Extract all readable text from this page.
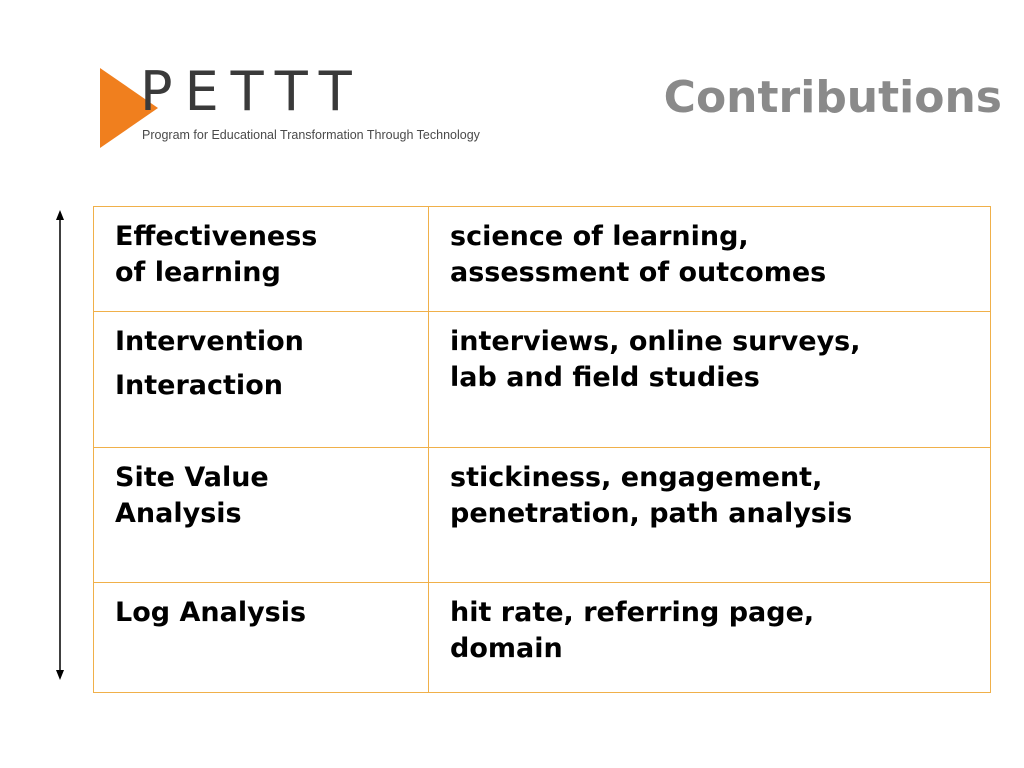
PETTT
Program for Educational Transformation Through Technology
Contributions
Effectiveness
of learning	science of learning,
assessment of outcomes

Intervention
Interaction	interviews, online surveys,
lab and field studies

Site Value
Analysis	stickiness, engagement,
penetration, path analysis

Log Analysis	hit rate, referring page,
domain
